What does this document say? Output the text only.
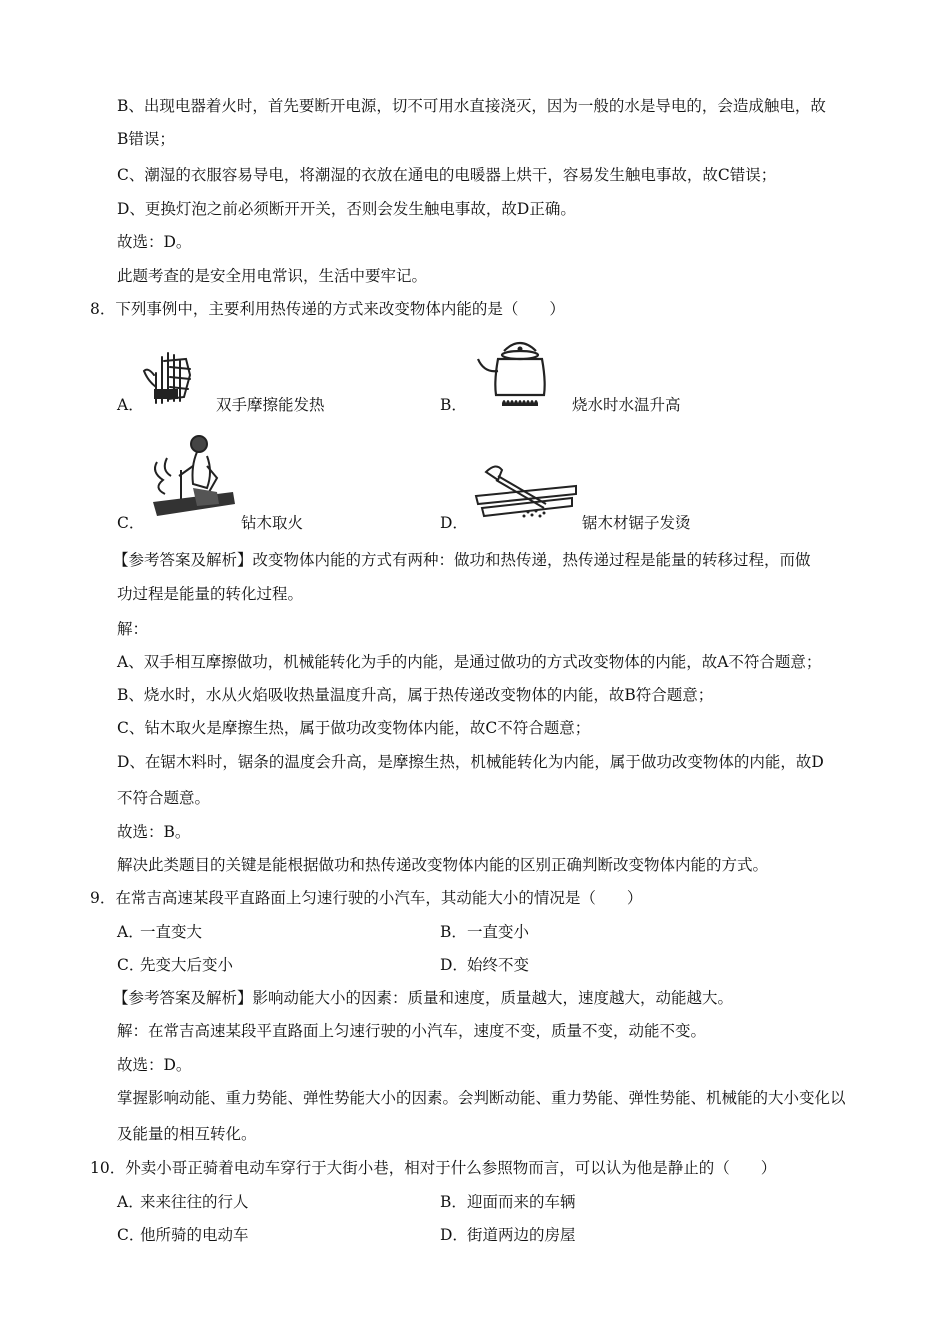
B、出现电器着火时，首先要断开电源，切不可用水直接浇灭，因为一般的水是导电的，会造成触电，故
B错误；
C、潮湿的衣服容易导电，将潮湿的衣放在通电的电暖器上烘干，容易发生触电事故，故C错误；
D、更换灯泡之前必须断开开关，否则会发生触电事故，故D正确。
故选：D。
此题考查的是安全用电常识，生活中要牢记。
8．下列事例中，主要利用热传递的方式来改变物体内能的是（　　）
A．	双手摩擦能发热	B．	烧水时水温升高
C．	钻木取火	D．	锯木材锯子发烫
【参考答案及解析】改变物体内能的方式有两种：做功和热传递，热传递过程是能量的转移过程，而做
功过程是能量的转化过程。
解：
A、双手相互摩擦做功，机械能转化为手的内能，是通过做功的方式改变物体的内能，故A不符合题意；
B、烧水时，水从火焰吸收热量温度升高，属于热传递改变物体的内能，故B符合题意；
C、钻木取火是摩擦生热，属于做功改变物体内能，故C不符合题意；
D、在锯木料时，锯条的温度会升高，是摩擦生热，机械能转化为内能，属于做功改变物体的内能，故D
不符合题意。
故选：B。
解决此类题目的关键是能根据做功和热传递改变物体内能的区别正确判断改变物体内能的方式。
9．在常吉高速某段平直路面上匀速行驶的小汽车，其动能大小的情况是（　　）
A．
一直变大	B． 一直变小
C．
先变大后变小	D． 始终不变
【参考答案及解析】影响动能大小的因素：质量和速度，质量越大，速度越大，动能越大。
解：在常吉高速某段平直路面上匀速行驶的小汽车，速度不变，质量不变，动能不变。
故选：D。
掌握影响动能、重力势能、弹性势能大小的因素。会判断动能、重力势能、弹性势能、机械能的大小变化以
及能量的相互转化。
10．外卖小哥正骑着电动车穿行于大街小巷，相对于什么参照物而言，可以认为他是静止的（　　）
A．
来来往往的行人	B． 迎面而来的车辆
C．
他所骑的电动车	D． 街道两边的房屋
